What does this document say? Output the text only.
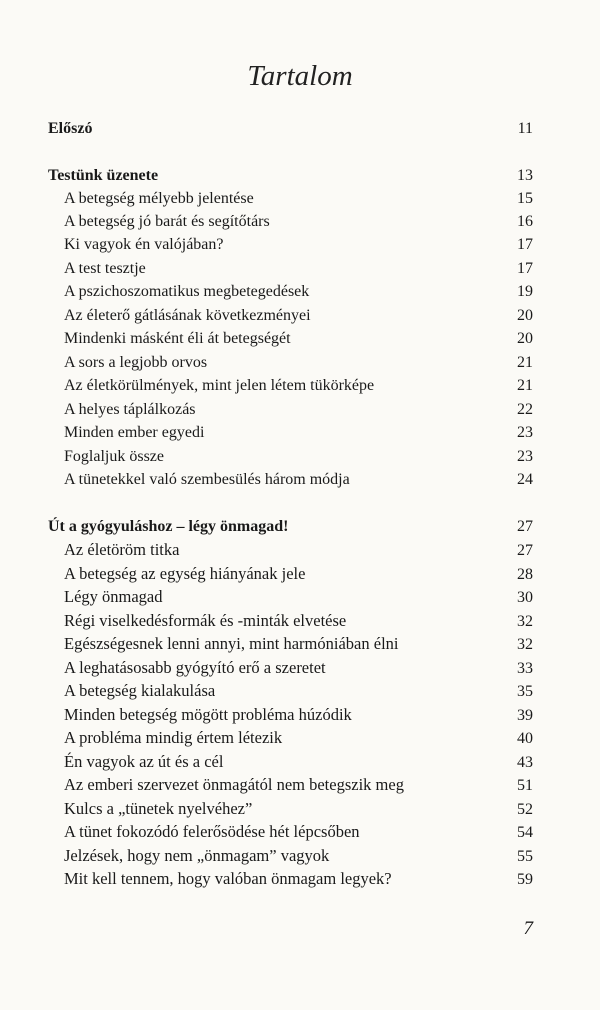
Tartalom
Előszó	11
Testünk üzenete	13
A betegség mélyebb jelentése	15
A betegség jó barát és segítőtárs	16
Ki vagyok én valójában?	17
A test tesztje	17
A pszichoszomatikus megbetegedések	19
Az életerő gátlásának következményei	20
Mindenki másként éli át betegségét	20
A sors a legjobb orvos	21
Az életkörülmények, mint jelen létem tükörképe	21
A helyes táplálkozás	22
Minden ember egyedi	23
Foglaljuk össze	23
A tünetekkel való szembesülés három módja	24
Út a gyógyuláshoz – légy önmagad!	27
Az életöröm titka	27
A betegség az egység hiányának jele	28
Légy önmagad	30
Régi viselkedésformák és -minták elvetése	32
Egészségesnek lenni annyi, mint harmóniában élni	32
A leghatásosabb gyógyító erő a szeretet	33
A betegség kialakulása	35
Minden betegség mögött probléma húzódik	39
A probléma mindig értem létezik	40
Én vagyok az út és a cél	43
Az emberi szervezet önmagától nem betegszik meg	51
Kulcs a „tünetek nyelvéhez”	52
A tünet fokozódó felerősödése hét lépcsőben	54
Jelzések, hogy nem „önmagam” vagyok	55
Mit kell tennem, hogy valóban önmagam legyek?	59
7
